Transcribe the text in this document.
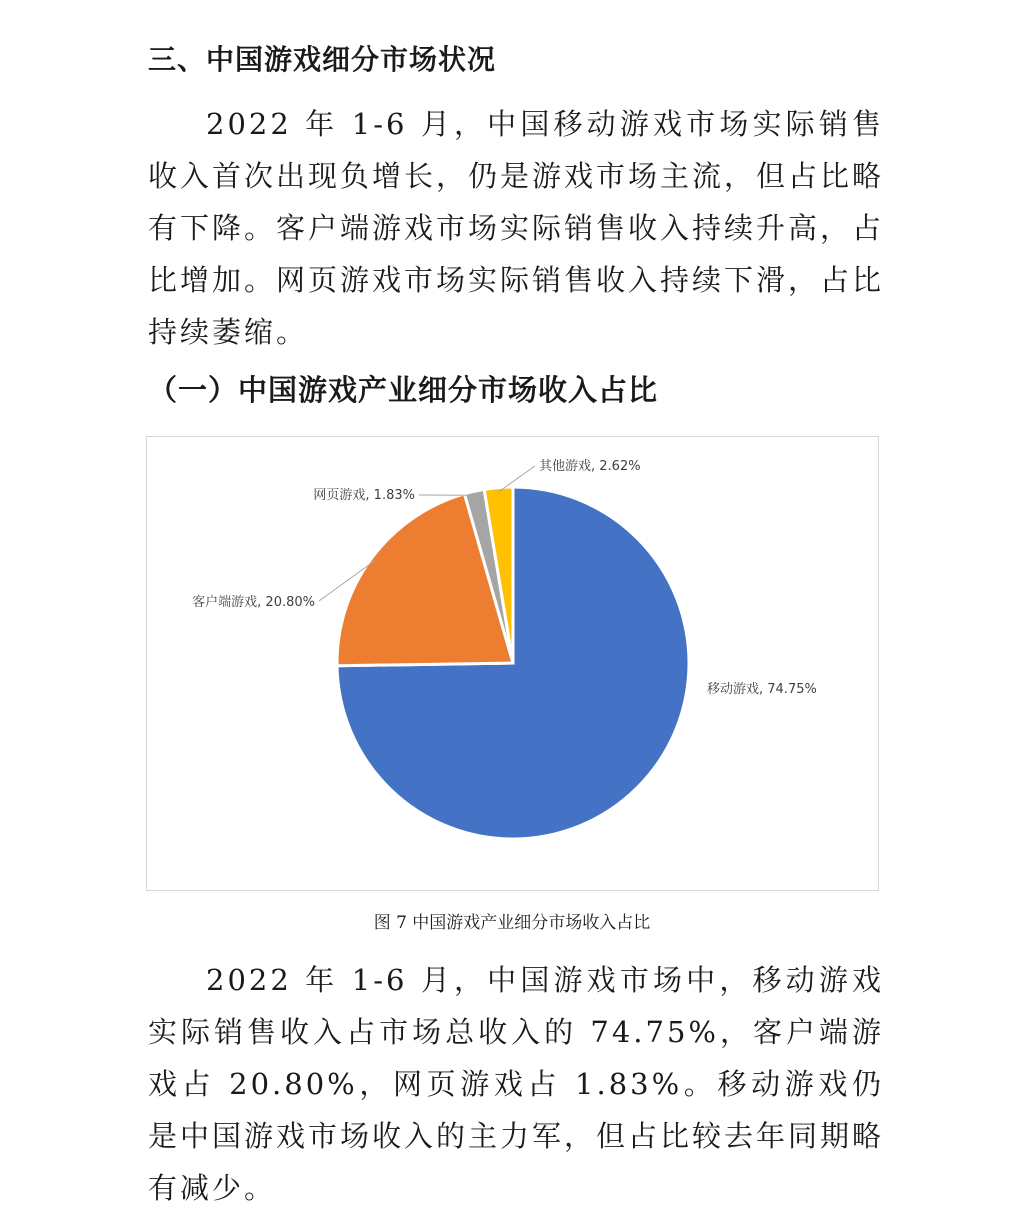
三、中国游戏细分市场状况

2022 年 1-6 月，中国移动游戏市场实际销售收入首次出现负增长，仍是游戏市场主流，但占比略有下降。客户端游戏市场实际销售收入持续升高，占比增加。网页游戏市场实际销售收入持续下滑，占比持续萎缩。

（一）中国游戏产业细分市场收入占比
移动游戏, 74.75%
客户端游戏, 20.80%
网页游戏, 1.83%
其他游戏, 2.62%

图 7 中国游戏产业细分市场收入占比

2022 年 1-6 月，中国游戏市场中，移动游戏实际销售收入占市场总收入的 74.75%，客户端游戏占 20.80%，网页游戏占 1.83%。移动游戏仍是中国游戏市场收入的主力军，但占比较去年同期略有减少。
